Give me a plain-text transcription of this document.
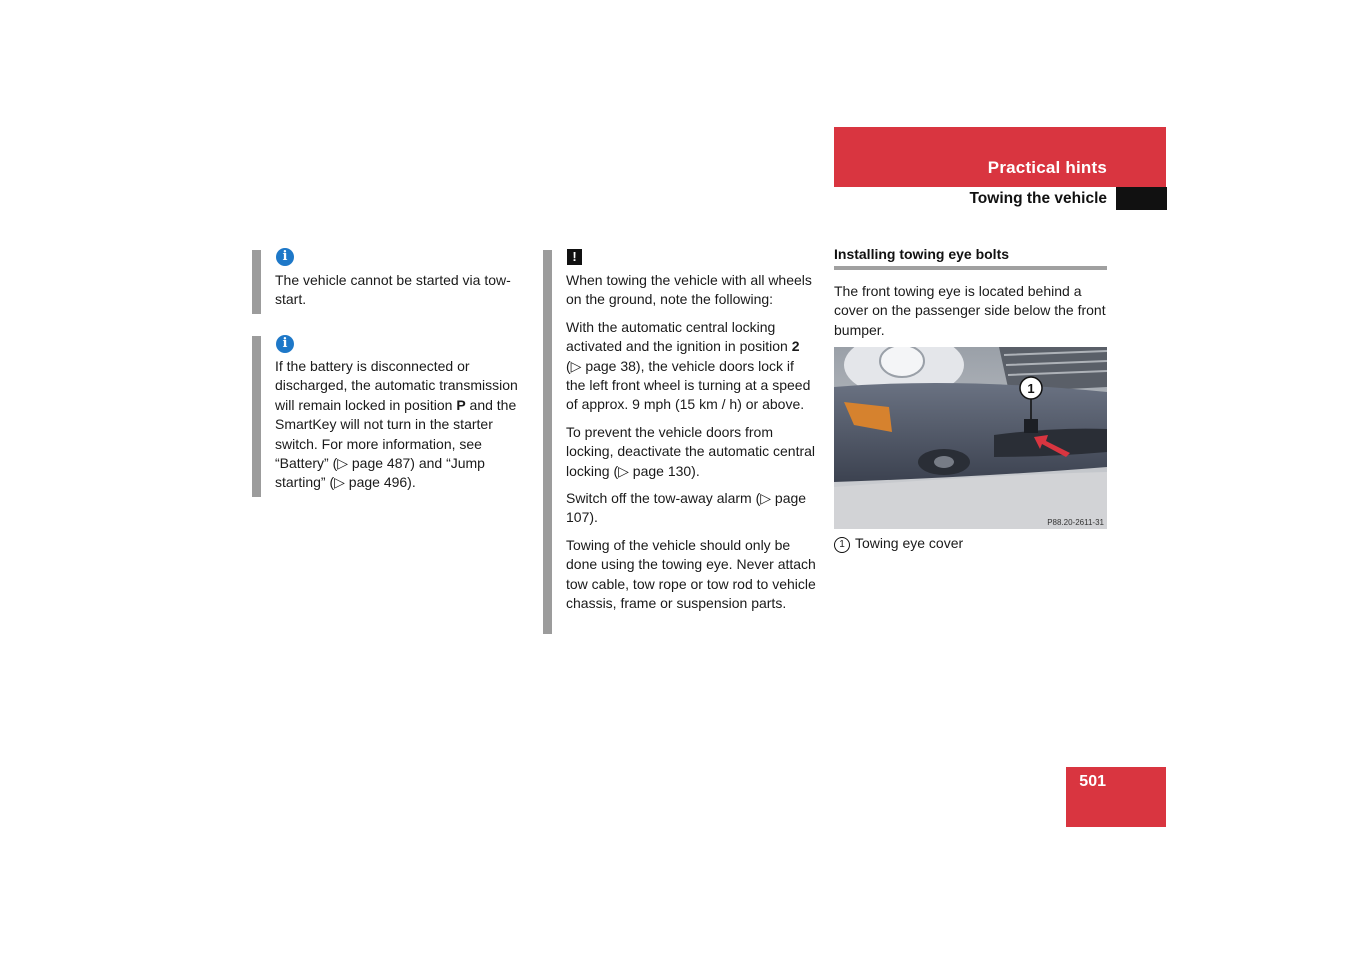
Practical hints
Towing the vehicle
i
The vehicle cannot be started via tow-start.
i
If the battery is disconnected or discharged, the automatic transmission will remain locked in position P and the SmartKey will not turn in the starter switch. For more information, see “Battery” (▷ page 487) and “Jump starting” (▷ page 496).
!

When towing the vehicle with all wheels on the ground, note the following:

With the automatic central locking activated and the ignition in position 2 (▷ page 38), the vehicle doors lock if the left front wheel is turning at a speed of approx. 9 mph (15 km / h) or above.

To prevent the vehicle doors from locking, deactivate the automatic central locking (▷ page 130).

Switch off the tow-away alarm (▷ page 107).

Towing of the vehicle should only be done using the towing eye. Never attach tow cable, tow rope or tow rod to vehicle chassis, frame or suspension parts.

Installing towing eye bolts
The front towing eye is located behind a cover on the passenger side below the front bumper.
1
P88.20-2611-31
1 Towing eye cover
501
